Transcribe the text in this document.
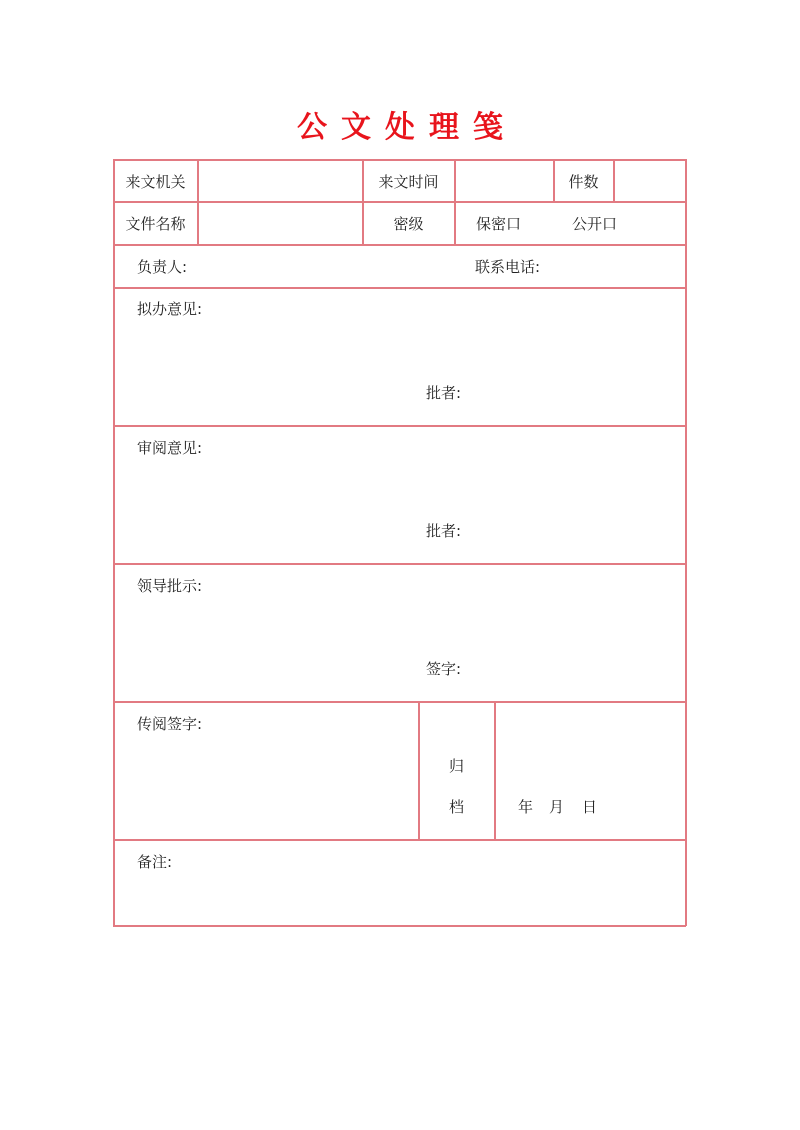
公文处理笺
来文机关	来文时间	件数
文件名称	密级	保密口	公开口
负责人:	联系电话:
拟办意见:
批者:
审阅意见:
批者:
领导批示:
签字:
传阅签字:
归
档	年 月 日
备注:
